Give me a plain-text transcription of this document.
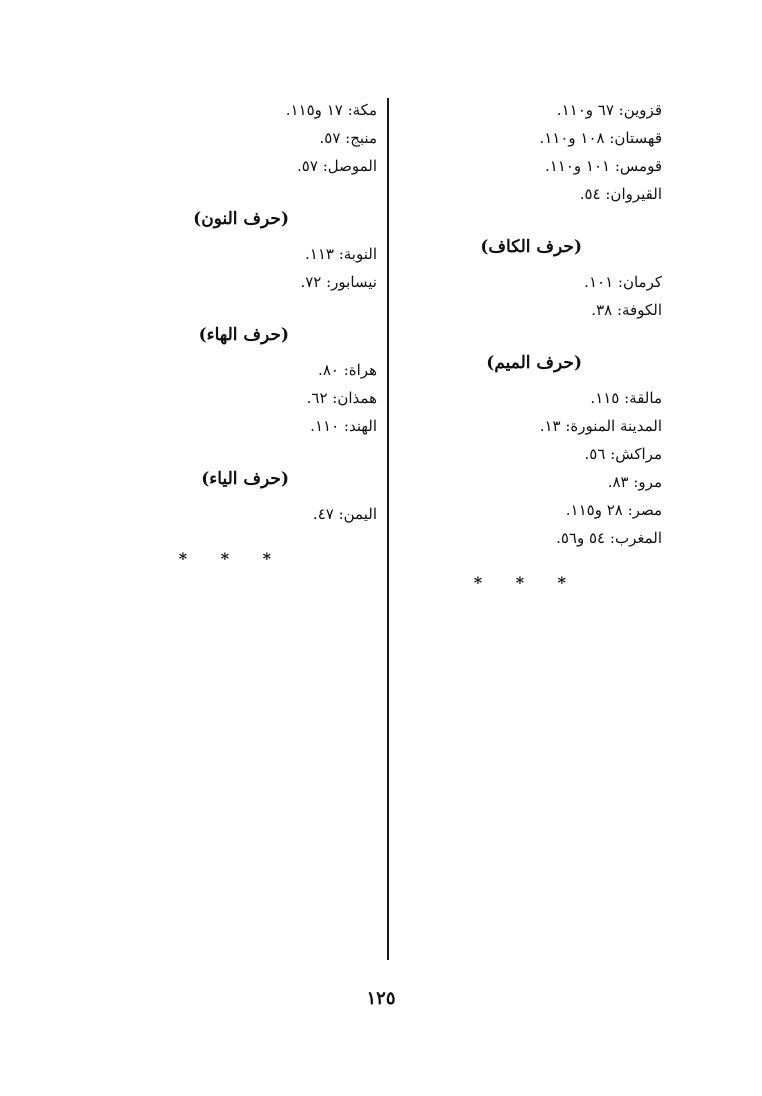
قزوين: ٦٧ و١١٠.
قهستان: ١٠٨ و١١٠.
قومس: ١٠١ و١١٠.
القيروان: ٥٤.
(حرف الكاف)
كرمان: ١٠١.
الكوفة: ٣٨.
(حرف الميم)
مالقة: ١١٥.
المدينة المنورة: ١٣.
مراكش: ٥٦.
مرو: ٨٣.
مصر: ٢٨ و١١٥.
المغرب: ٥٤ و٥٦.
* * *
مكة: ١٧ و١١٥.
منبج: ٥٧.
الموصل: ٥٧.
(حرف النون)
النوبة: ١١٣.
نيسابور: ٧٢.
(حرف الهاء)
هراة: ٨٠.
همذان: ٦٢.
الهند: ١١٠.
(حرف الياء)
اليمن: ٤٧.
* * *
١٢٥
